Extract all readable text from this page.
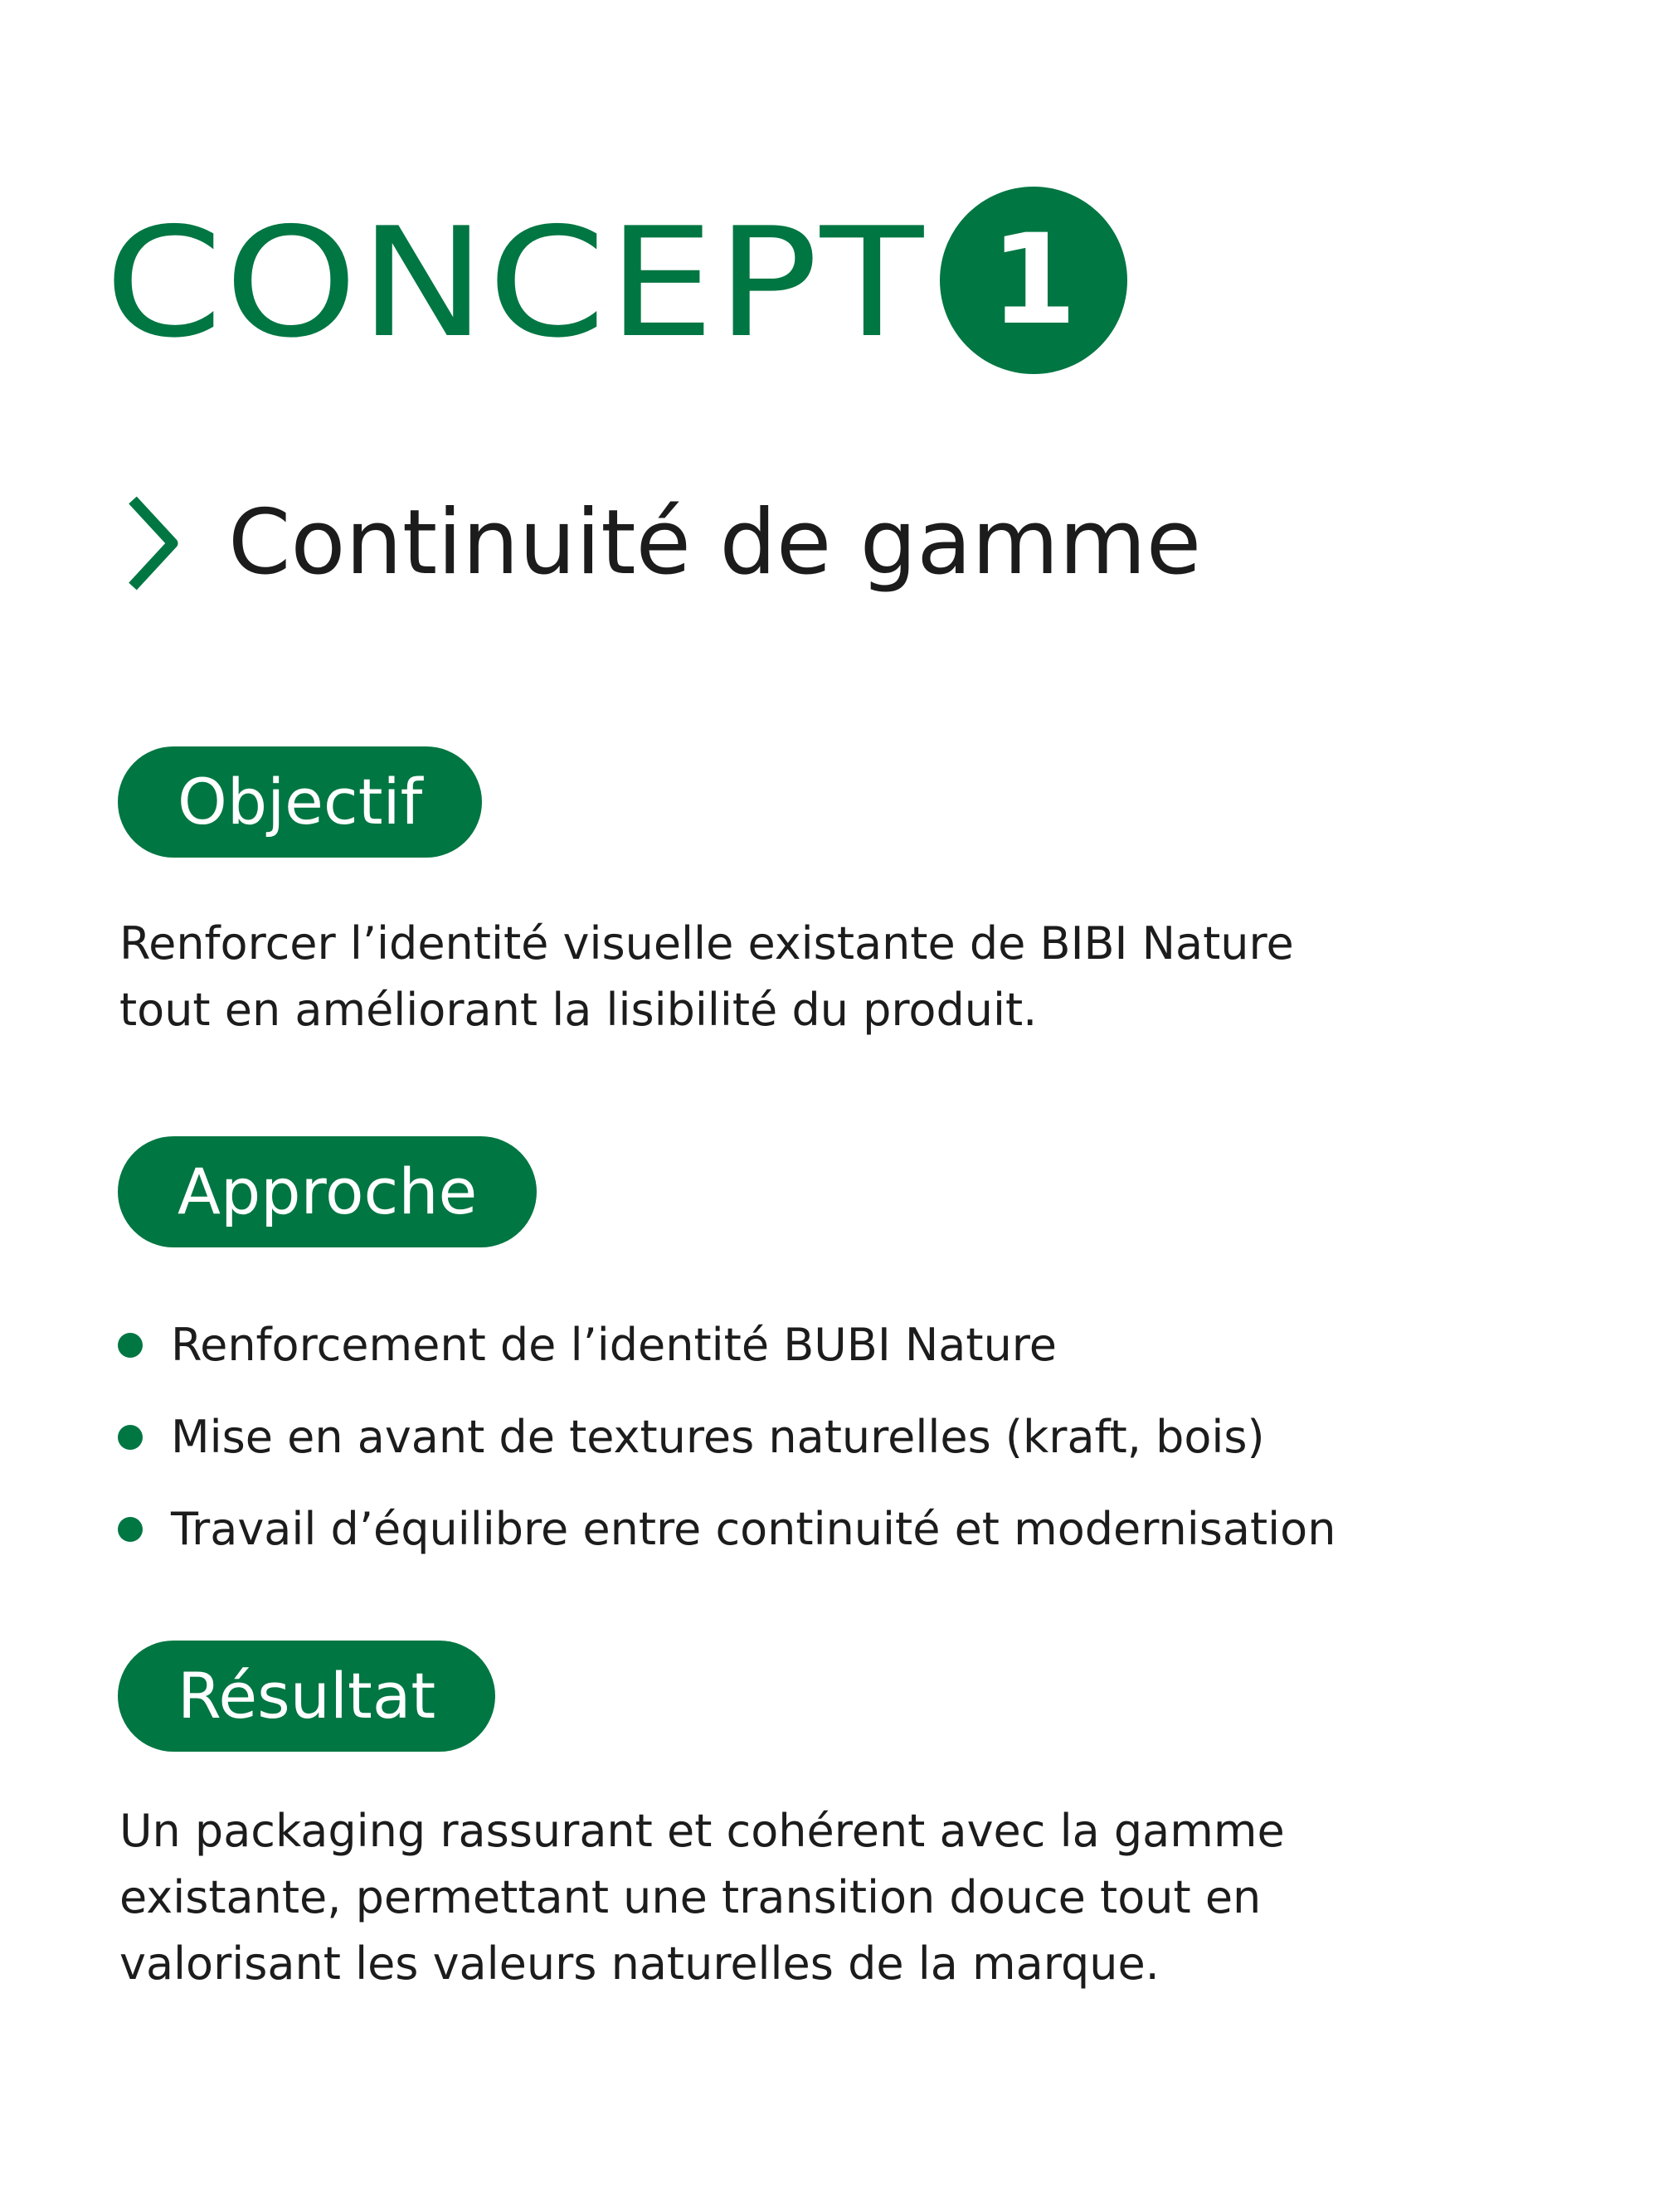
CONCEPT 1
Continuité de gamme
Objectif
Renforcer l’identité visuelle existante de BIBI Nature
tout en améliorant la lisibilité du produit.
Approche
Renforcement de l’identité BUBI Nature
Mise en avant de textures naturelles (kraft, bois)
Travail d’équilibre entre continuité et modernisation
Résultat
Un packaging rassurant et cohérent avec la gamme
existante, permettant une transition douce tout en
valorisant les valeurs naturelles de la marque.
